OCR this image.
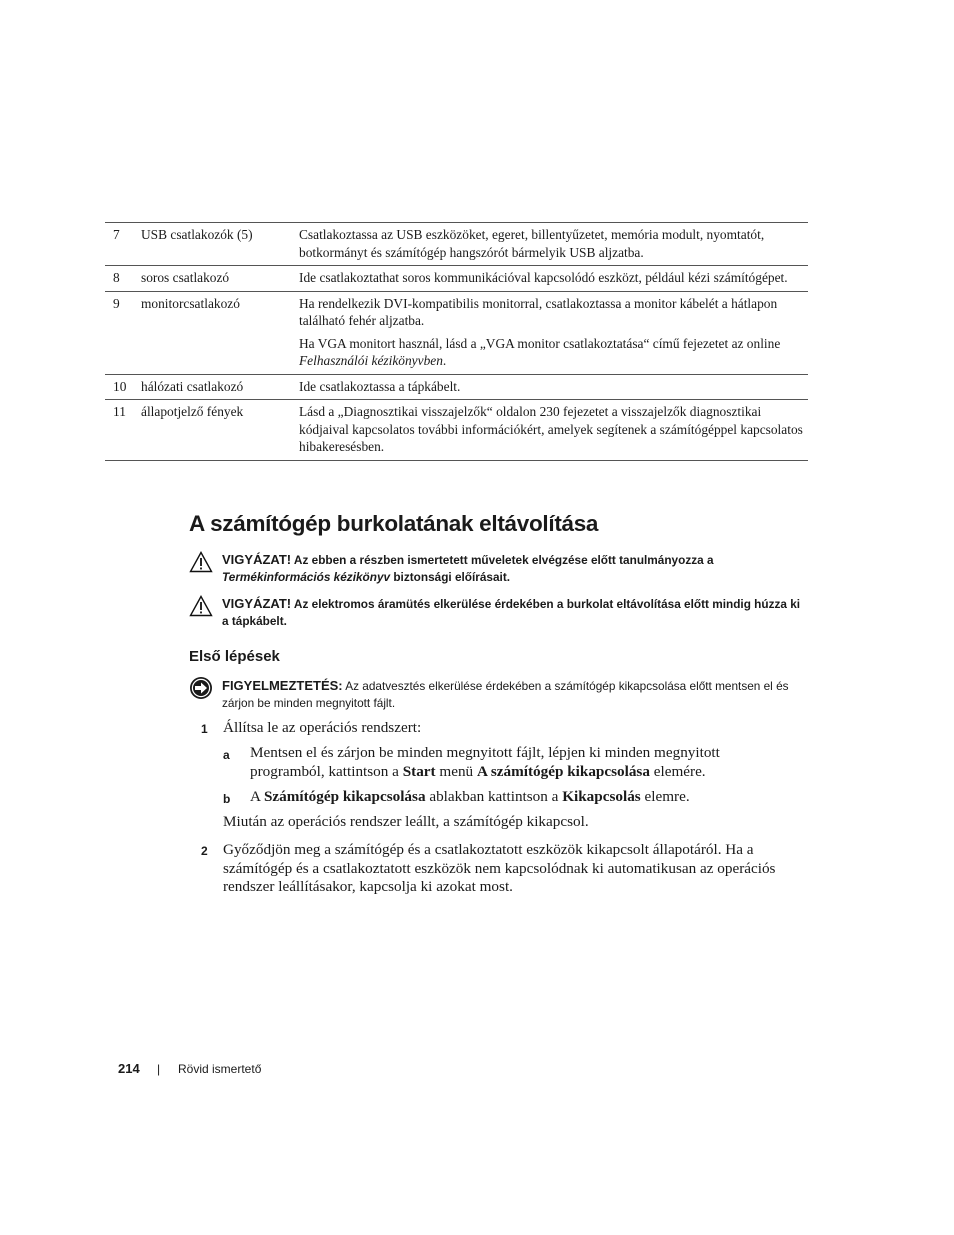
7	USB csatlakozók (5)	Csatlakoztassa az USB eszközöket, egeret, billentyűzetet, memória modult, nyomtatót, botkormányt és számítógép hangszórót bármelyik USB aljzatba.

8	soros csatlakozó	Ide csatlakoztathat soros kommunikációval kapcsolódó eszközt, például kézi számítógépet.

9	monitorcsatlakozó	Ha rendelkezik DVI-kompatibilis monitorral, csatlakoztassa a monitor kábelét a hátlapon található fehér aljzatba.

Ha VGA monitort használ, lásd a „VGA monitor csatlakoztatása“ című fejezetet az online Felhasználói kézikönyvben.

10	hálózati csatlakozó	Ide csatlakoztassa a tápkábelt.

11	állapotjelző fények	Lásd a „Diagnosztikai visszajelzők“ oldalon 230 fejezetet a visszajelzők diagnosztikai kódjaival kapcsolatos további információkért, amelyek segítenek a számítógéppel kapcsolatos hibakeresésben.

A számítógép burkolatának eltávolítása
VIGYÁZAT! Az ebben a részben ismertetett műveletek elvégzése előtt tanulmányozza a Termékinformációs kézikönyv biztonsági előírásait.
VIGYÁZAT! Az elektromos áramütés elkerülése érdekében a burkolat eltávolítása előtt mindig húzza ki a tápkábelt.
Első lépések
FIGYELMEZTETÉS: Az adatvesztés elkerülése érdekében a számítógép kikapcsolása előtt mentsen el és zárjon be minden megnyitott fájlt.
1 Állítsa le az operációs rendszert:
a Mentsen el és zárjon be minden megnyitott fájlt, lépjen ki minden megnyitott programból, kattintson a Start menü A számítógép kikapcsolása elemére.
b A Számítógép kikapcsolása ablakban kattintson a Kikapcsolás elemre.
Miután az operációs rendszer leállt, a számítógép kikapcsol.
2 Győződjön meg a számítógép és a csatlakoztatott eszközök kikapcsolt állapotáról. Ha a számítógép és a csatlakoztatott eszközök nem kapcsolódnak ki automatikusan az operációs rendszer leállításakor, kapcsolja ki azokat most.
214 | Rövid ismertető
